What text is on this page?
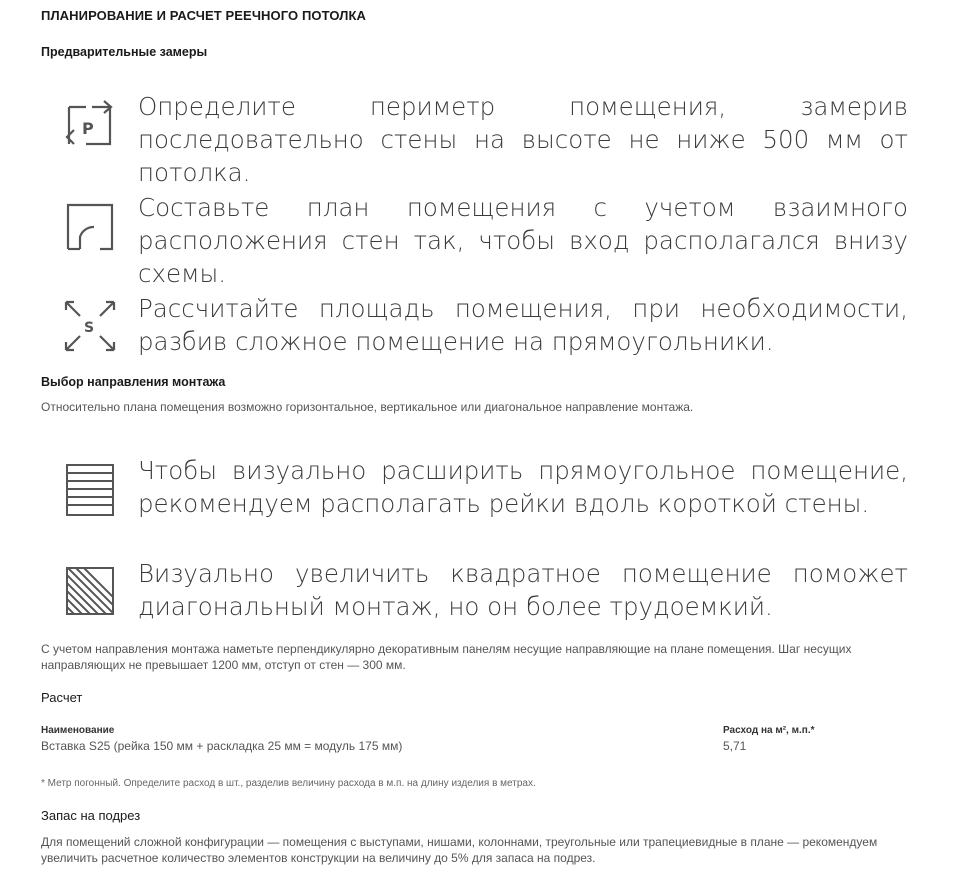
ПЛАНИРОВАНИЕ И РАСЧЕТ РЕЕЧНОГО ПОТОЛКА
Предварительные замеры
P
Определите периметр помещения, замерив последовательно стены на высоте не ниже 500 мм от потолка.
Составьте план помещения с учетом взаимного расположения стен так, чтобы вход располагался внизу схемы.
S
Рассчитайте площадь помещения, при необходимости, разбив сложное помещение на прямоугольники.
Выбор направления монтажа
Относительно плана помещения возможно горизонтальное, вертикальное или диагональное направление монтажа.
Чтобы визуально расширить прямоугольное помещение, рекомендуем располагать рейки вдоль короткой стены.
Визуально увеличить квадратное помещение поможет диагональный монтаж, но он более трудоемкий.
С учетом направления монтажа наметьте перпендикулярно декоративным панелям несущие направляющие на плане помещения. Шаг несущих направляющих не превышает 1200 мм, отступ от стен — 300 мм.
Расчет
Наименование	Расход на м², м.п.*
Вставка S25 (рейка 150 мм + раскладка 25 мм = модуль 175 мм)	5,71
* Метр погонный. Определите расход в шт., разделив величину расхода в м.п. на длину изделия в метрах.
Запас на подрез
Для помещений сложной конфигурации — помещения с выступами, нишами, колоннами, треугольные или трапециевидные в плане — рекомендуем увеличить расчетное количество элементов конструкции на величину до 5% для запаса на подрез.
